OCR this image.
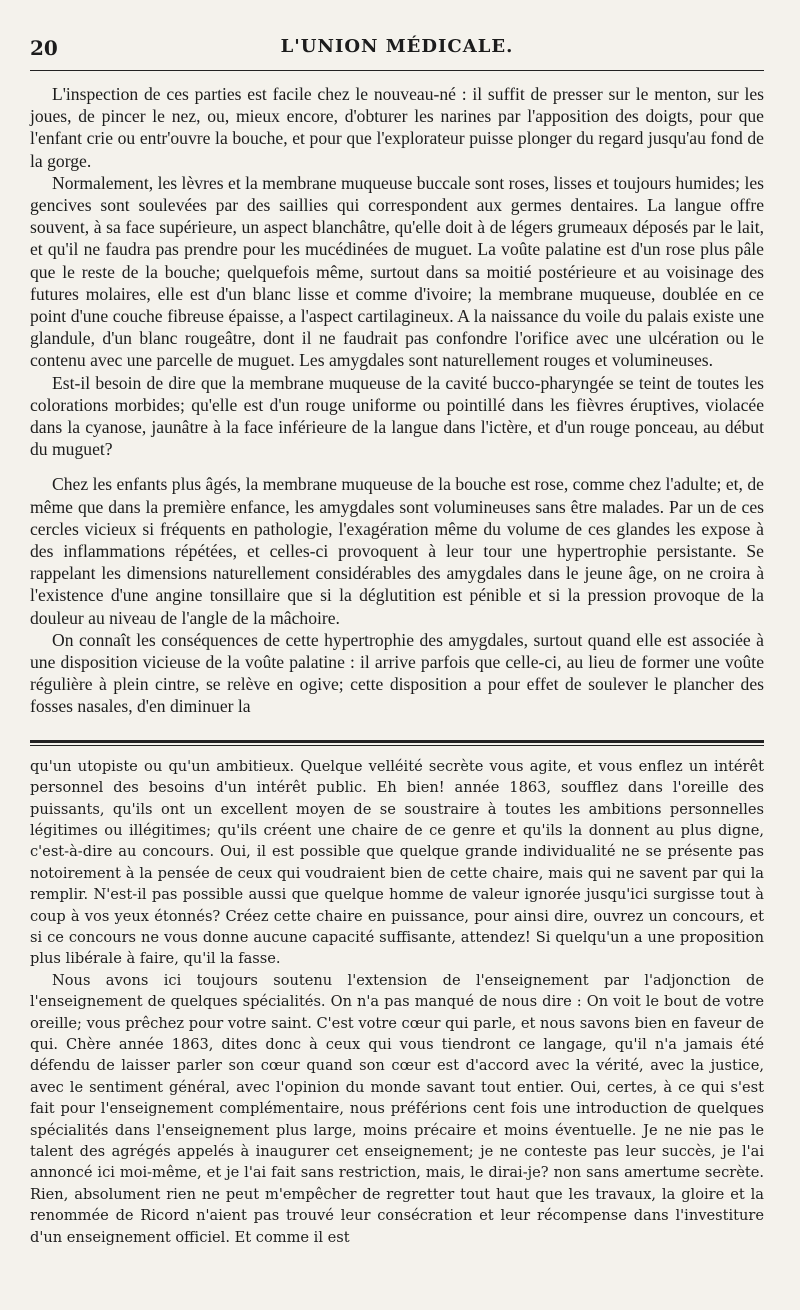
20	L'UNION MÉDICALE.

L'inspection de ces parties est facile chez le nouveau-né : il suffit de presser sur le menton, sur les joues, de pincer le nez, ou, mieux encore, d'obturer les narines par l'apposition des doigts, pour que l'enfant crie ou entr'ouvre la bouche, et pour que l'explorateur puisse plonger du regard jusqu'au fond de la gorge.

Normalement, les lèvres et la membrane muqueuse buccale sont roses, lisses et toujours humides; les gencives sont soulevées par des saillies qui correspondent aux germes dentaires. La langue offre souvent, à sa face supérieure, un aspect blanchâtre, qu'elle doit à de légers grumeaux déposés par le lait, et qu'il ne faudra pas prendre pour les mucédinées de muguet. La voûte palatine est d'un rose plus pâle que le reste de la bouche; quelquefois même, surtout dans sa moitié postérieure et au voisinage des futures molaires, elle est d'un blanc lisse et comme d'ivoire; la membrane muqueuse, doublée en ce point d'une couche fibreuse épaisse, a l'aspect cartilagineux. A la naissance du voile du palais existe une glandule, d'un blanc rougeâtre, dont il ne faudrait pas confondre l'orifice avec une ulcération ou le contenu avec une parcelle de muguet. Les amygdales sont naturellement rouges et volumineuses.

Est-il besoin de dire que la membrane muqueuse de la cavité bucco-pharyngée se teint de toutes les colorations morbides; qu'elle est d'un rouge uniforme ou pointillé dans les fièvres éruptives, violacée dans la cyanose, jaunâtre à la face inférieure de la langue dans l'ictère, et d'un rouge ponceau, au début du muguet?

Chez les enfants plus âgés, la membrane muqueuse de la bouche est rose, comme chez l'adulte; et, de même que dans la première enfance, les amygdales sont volumineuses sans être malades. Par un de ces cercles vicieux si fréquents en pathologie, l'exagération même du volume de ces glandes les expose à des inflammations répétées, et celles-ci provoquent à leur tour une hypertrophie persistante. Se rappelant les dimensions naturellement considérables des amygdales dans le jeune âge, on ne croira à l'existence d'une angine tonsillaire que si la déglutition est pénible et si la pression provoque de la douleur au niveau de l'angle de la mâchoire.

On connaît les conséquences de cette hypertrophie des amygdales, surtout quand elle est associée à une disposition vicieuse de la voûte palatine : il arrive parfois que celle-ci, au lieu de former une voûte régulière à plein cintre, se relève en ogive; cette disposition a pour effet de soulever le plancher des fosses nasales, d'en diminuer la

qu'un utopiste ou qu'un ambitieux. Quelque velléité secrète vous agite, et vous enflez un intérêt personnel des besoins d'un intérêt public. Eh bien! année 1863, soufflez dans l'oreille des puissants, qu'ils ont un excellent moyen de se soustraire à toutes les ambitions personnelles légitimes ou illégitimes; qu'ils créent une chaire de ce genre et qu'ils la donnent au plus digne, c'est-à-dire au concours. Oui, il est possible que quelque grande individualité ne se présente pas notoirement à la pensée de ceux qui voudraient bien de cette chaire, mais qui ne savent par qui la remplir. N'est-il pas possible aussi que quelque homme de valeur ignorée jusqu'ici surgisse tout à coup à vos yeux étonnés? Créez cette chaire en puissance, pour ainsi dire, ouvrez un concours, et si ce concours ne vous donne aucune capacité suffisante, attendez! Si quelqu'un a une proposition plus libérale à faire, qu'il la fasse.

Nous avons ici toujours soutenu l'extension de l'enseignement par l'adjonction de l'enseignement de quelques spécialités. On n'a pas manqué de nous dire : On voit le bout de votre oreille; vous prêchez pour votre saint. C'est votre cœur qui parle, et nous savons bien en faveur de qui. Chère année 1863, dites donc à ceux qui vous tiendront ce langage, qu'il n'a jamais été défendu de laisser parler son cœur quand son cœur est d'accord avec la vérité, avec la justice, avec le sentiment général, avec l'opinion du monde savant tout entier. Oui, certes, à ce qui s'est fait pour l'enseignement complémentaire, nous préférions cent fois une introduction de quelques spécialités dans l'enseignement plus large, moins précaire et moins éventuelle. Je ne nie pas le talent des agrégés appelés à inaugurer cet enseignement; je ne conteste pas leur succès, je l'ai annoncé ici moi-même, et je l'ai fait sans restriction, mais, le dirai-je? non sans amertume secrète. Rien, absolument rien ne peut m'empêcher de regretter tout haut que les travaux, la gloire et la renommée de Ricord n'aient pas trouvé leur consécration et leur récompense dans l'investiture d'un enseignement officiel. Et comme il est
